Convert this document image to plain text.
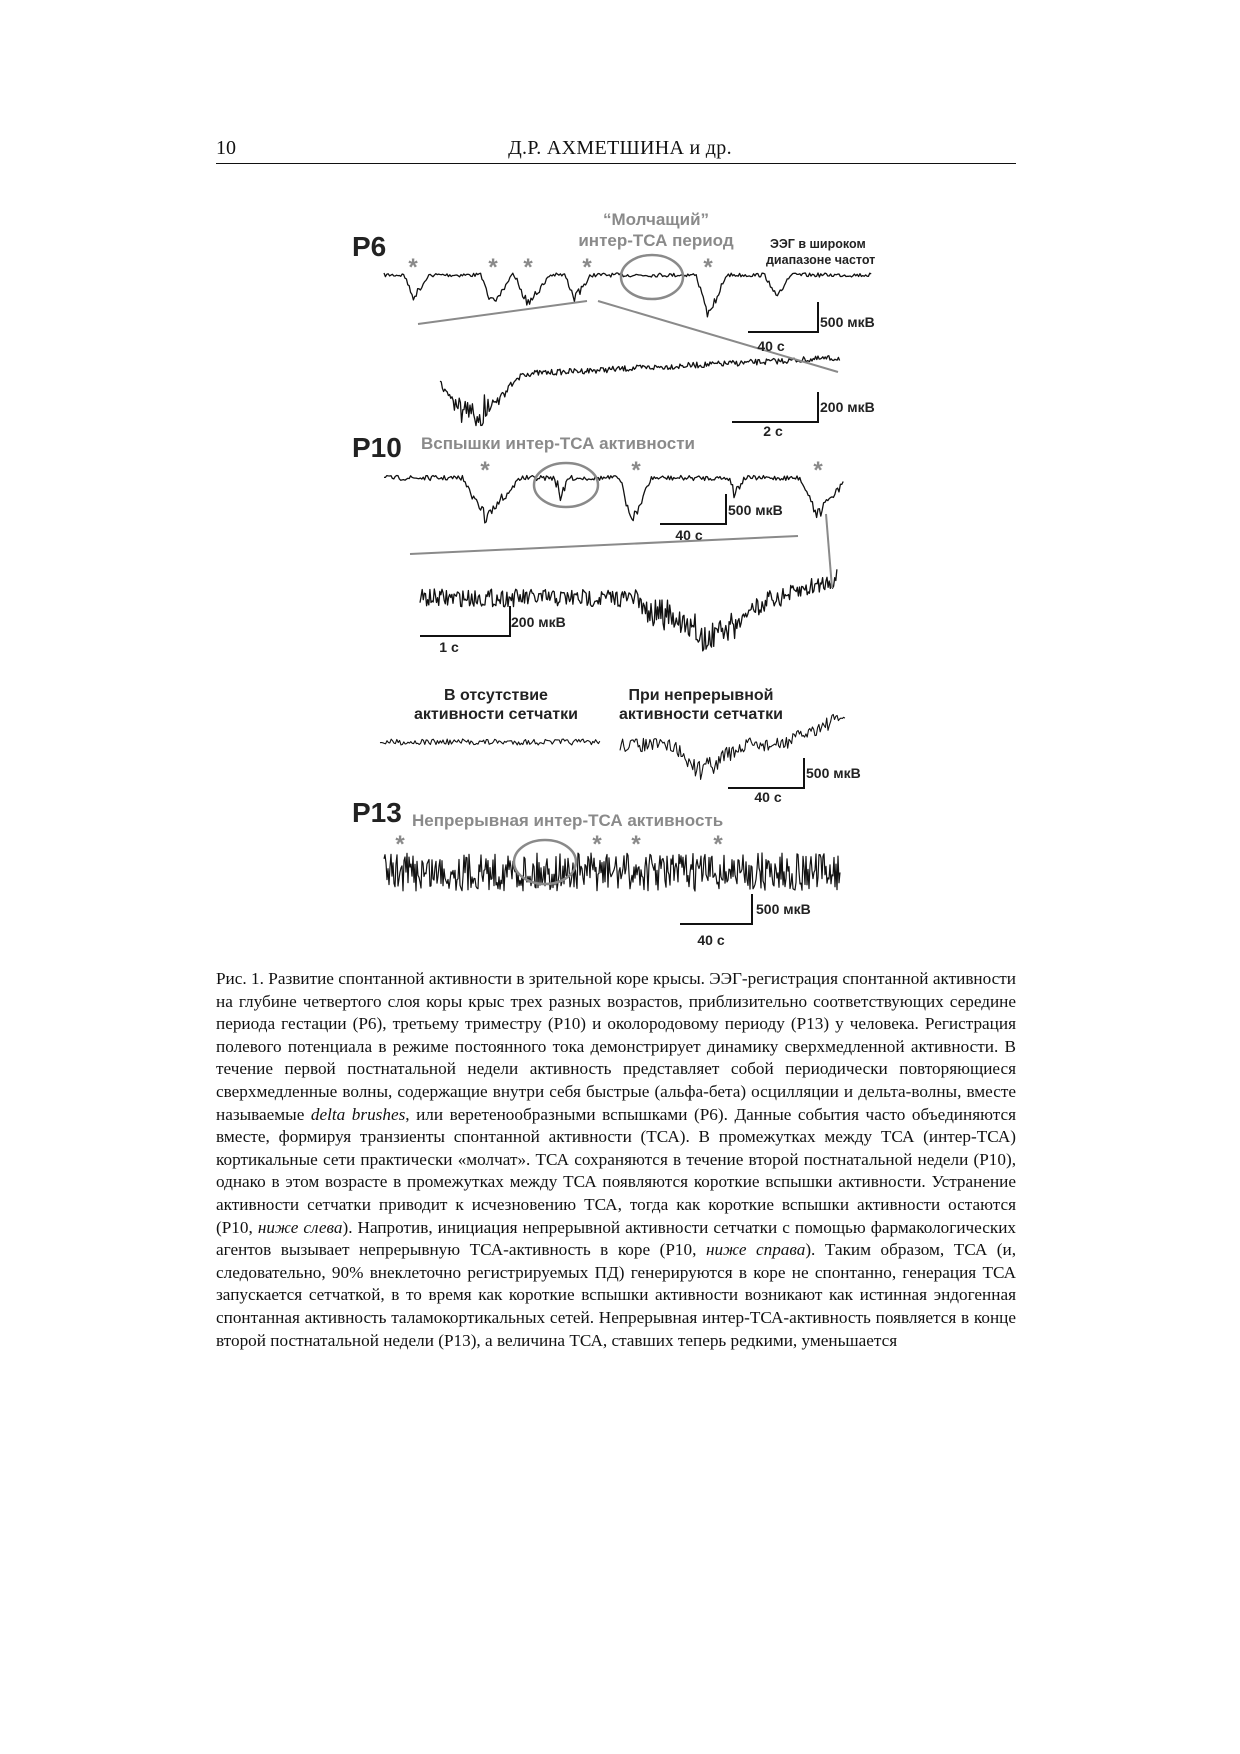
10	Д.Р. АХМЕТШИНА и др.
P6
“Молчащий”
интер-ТСА период	ЭЭГ в широком
диапазоне частот
*	* * *	*
500 мкВ
40 с
200 мкВ
2 с
P10 Вспышки интер-ТСА активности
*	*	*
500 мкВ
40 с
200 мкВ
1 с
В отсутствие
активности сетчатки
При непрерывной
активности сетчатки
500 мкВ
40 с
P13 Непрерывная интер-ТСА активность
*	* *	*
500 мкВ
40 с
Рис. 1. Развитие спонтанной активности в зрительной коре крысы. ЭЭГ-регистрация спонтанной активности на глубине четвертого слоя коры крыс трех разных возрастов, приблизительно соответствующих середине периода гестации (P6), третьему триместру (P10) и околородовому периоду (P13) у человека. Регистрация полевого потенциала в режиме постоянного тока демонстрирует динамику сверхмедленной активности. В течение первой постнатальной недели активность представляет собой периодически повторяющиеся сверхмедленные волны, содержащие внутри себя быстрые (альфа-бета) осцилляции и дельта-волны, вместе называемые delta brushes, или веретенообразными вспышками (P6). Данные события часто объединяются вместе, формируя транзиенты спонтанной активности (ТСА). В промежутках между ТСА (интер-ТСА) кортикальные сети практически «молчат». ТСА сохраняются в течение второй постнатальной недели (P10), однако в этом возрасте в промежутках между ТСА появляются короткие вспышки активности. Устранение активности сетчатки приводит к исчезновению ТСА, тогда как короткие вспышки активности остаются (P10, ниже слева). Напротив, инициация непрерывной активности сетчатки с помощью фармакологических агентов вызывает непрерывную ТСА-активность в коре (P10, ниже справа). Таким образом, ТСА (и, следовательно, 90% внеклеточно регистрируемых ПД) генерируются в коре не спонтанно, генерация ТСА запускается сетчаткой, в то время как короткие вспышки активности возникают как истинная эндогенная спонтанная активность таламокортикальных сетей. Непрерывная интер-ТСА-активность появляется в конце второй постнатальной недели (P13), а величина ТСА, ставших теперь редкими, уменьшается
